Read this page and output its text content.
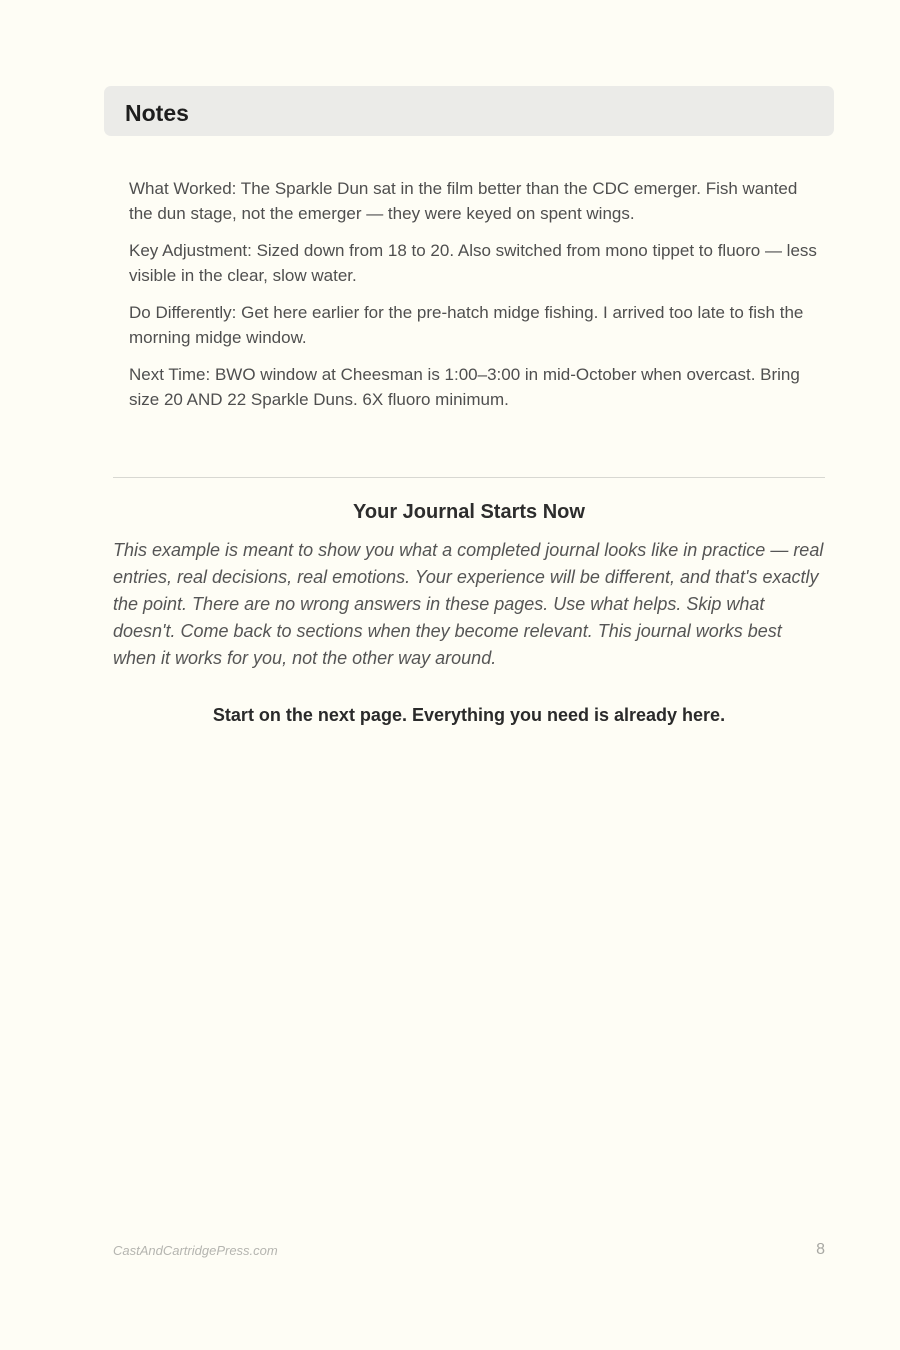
Notes

What Worked: The Sparkle Dun sat in the film better than the CDC emerger. Fish wanted the dun stage, not the emerger — they were keyed on spent wings.

Key Adjustment: Sized down from 18 to 20. Also switched from mono tippet to fluoro — less visible in the clear, slow water.

Do Differently: Get here earlier for the pre-hatch midge fishing. I arrived too late to fish the morning midge window.

Next Time: BWO window at Cheesman is 1:00–3:00 in mid-October when overcast. Bring size 20 AND 22 Sparkle Duns. 6X fluoro minimum.

Your Journal Starts Now

This example is meant to show you what a completed journal looks like in practice — real entries, real decisions, real emotions. Your experience will be different, and that's exactly the point. There are no wrong answers in these pages. Use what helps. Skip what doesn't. Come back to sections when they become relevant. This journal works best when it works for you, not the other way around.

Start on the next page. Everything you need is already here.

CastAndCartridgePress.com	8
